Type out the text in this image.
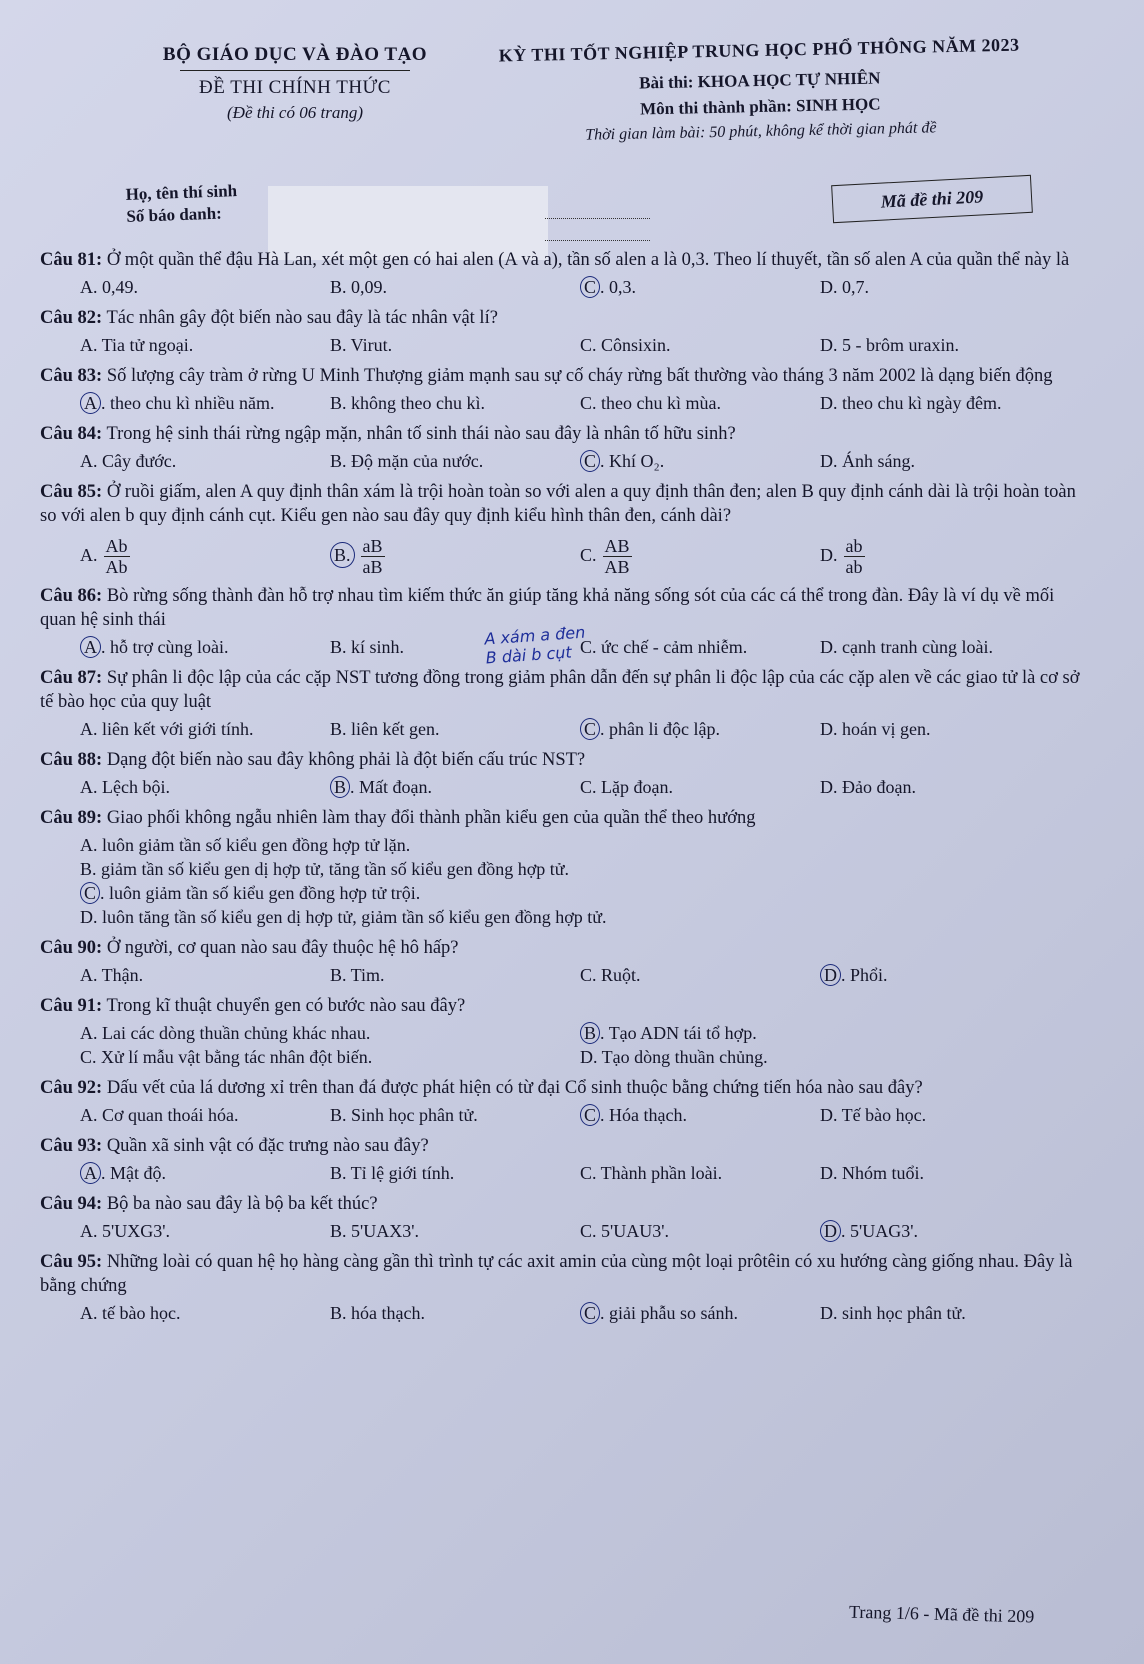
BỘ GIÁO DỤC VÀ ĐÀO TẠO
ĐỀ THI CHÍNH THỨC
(Đề thi có 06 trang)
KỲ THI TỐT NGHIỆP TRUNG HỌC PHỔ THÔNG NĂM 2023
Bài thi: KHOA HỌC TỰ NHIÊN
Môn thi thành phần: SINH HỌC
Thời gian làm bài: 50 phút, không kể thời gian phát đề
Họ, tên thí sinh
Số báo danh:
Mã đề thi 209
Câu 81: Ở một quần thể đậu Hà Lan, xét một gen có hai alen (A và a), tần số alen a là 0,3. Theo lí thuyết, tần số alen A của quần thể này là
A. 0,49.	B. 0,09.	C . 0,3.	D. 0,7.
Câu 82: Tác nhân gây đột biến nào sau đây là tác nhân vật lí?
A. Tia tử ngoại.	B. Virut.	C. Cônsixin.	D. 5 - brôm uraxin.
Câu 83: Số lượng cây tràm ở rừng U Minh Thượng giảm mạnh sau sự cố cháy rừng bất thường vào tháng 3 năm 2002 là dạng biến động
A . theo chu kì nhiều năm.	B. không theo chu kì.	C. theo chu kì mùa.	D. theo chu kì ngày đêm.
Câu 84: Trong hệ sinh thái rừng ngập mặn, nhân tố sinh thái nào sau đây là nhân tố hữu sinh?
A. Cây đước.	B. Độ mặn của nước.	C . Khí O₂.	D. Ánh sáng.
Câu 85: Ở ruồi giấm, alen A quy định thân xám là trội hoàn toàn so với alen a quy định thân đen; alen B quy định cánh dài là trội hoàn toàn so với alen b quy định cánh cụt. Kiểu gen nào sau đây quy định kiểu hình thân đen, cánh dài?
A. $\frac{Ab}{Ab}$	B. $\frac{aB}{aB}$	C. $\frac{AB}{AB}$	D. $\frac{ab}{ab}$
Câu 86: Bò rừng sống thành đàn hỗ trợ nhau tìm kiếm thức ăn giúp tăng khả năng sống sót của các cá thể trong đàn. Đây là ví dụ về mối quan hệ sinh thái
A . hỗ trợ cùng loài.	B. kí sinh.	C. ức chế - cảm nhiễm.	D. cạnh tranh cùng loài.
Câu 87: Sự phân li độc lập của các cặp NST tương đồng trong giảm phân dẫn đến sự phân li độc lập của các cặp alen về các giao tử là cơ sở tế bào học của quy luật
A. liên kết với giới tính.	B. liên kết gen.	C . phân li độc lập.	D. hoán vị gen.
Câu 88: Dạng đột biến nào sau đây không phải là đột biến cấu trúc NST?
A. Lệch bội.	B . Mất đoạn.	C. Lặp đoạn.	D. Đảo đoạn.
Câu 89: Giao phối không ngẫu nhiên làm thay đổi thành phần kiểu gen của quần thể theo hướng
A. luôn giảm tần số kiểu gen đồng hợp tử lặn.
B. giảm tần số kiểu gen dị hợp tử, tăng tần số kiểu gen đồng hợp tử.
C . luôn giảm tần số kiểu gen đồng hợp tử trội.
D. luôn tăng tần số kiểu gen dị hợp tử, giảm tần số kiểu gen đồng hợp tử.
Câu 90: Ở người, cơ quan nào sau đây thuộc hệ hô hấp?
A. Thận.	B. Tim.	C. Ruột.	D . Phổi.
Câu 91: Trong kĩ thuật chuyển gen có bước nào sau đây?
A. Lai các dòng thuần chủng khác nhau.	B . Tạo ADN tái tổ hợp.
C. Xử lí mẫu vật bằng tác nhân đột biến.	D. Tạo dòng thuần chủng.
Câu 92: Dấu vết của lá dương xỉ trên than đá được phát hiện có từ đại Cổ sinh thuộc bằng chứng tiến hóa nào sau đây?
A. Cơ quan thoái hóa.	B. Sinh học phân tử.	C . Hóa thạch.	D. Tế bào học.
Câu 93: Quần xã sinh vật có đặc trưng nào sau đây?
A . Mật độ.	B. Tỉ lệ giới tính.	C. Thành phần loài.	D. Nhóm tuổi.
Câu 94: Bộ ba nào sau đây là bộ ba kết thúc?
A. 5'UXG3'.	B. 5'UAX3'.	C. 5'UAU3'.	D . 5'UAG3'.
Câu 95: Những loài có quan hệ họ hàng càng gần thì trình tự các axit amin của cùng một loại prôtêin có xu hướng càng giống nhau. Đây là bằng chứng
A. tế bào học.	B. hóa thạch.	C . giải phẫu so sánh.	D. sinh học phân tử.
A xám a đen
B dài b cụt
Trang 1/6 - Mã đề thi 209
